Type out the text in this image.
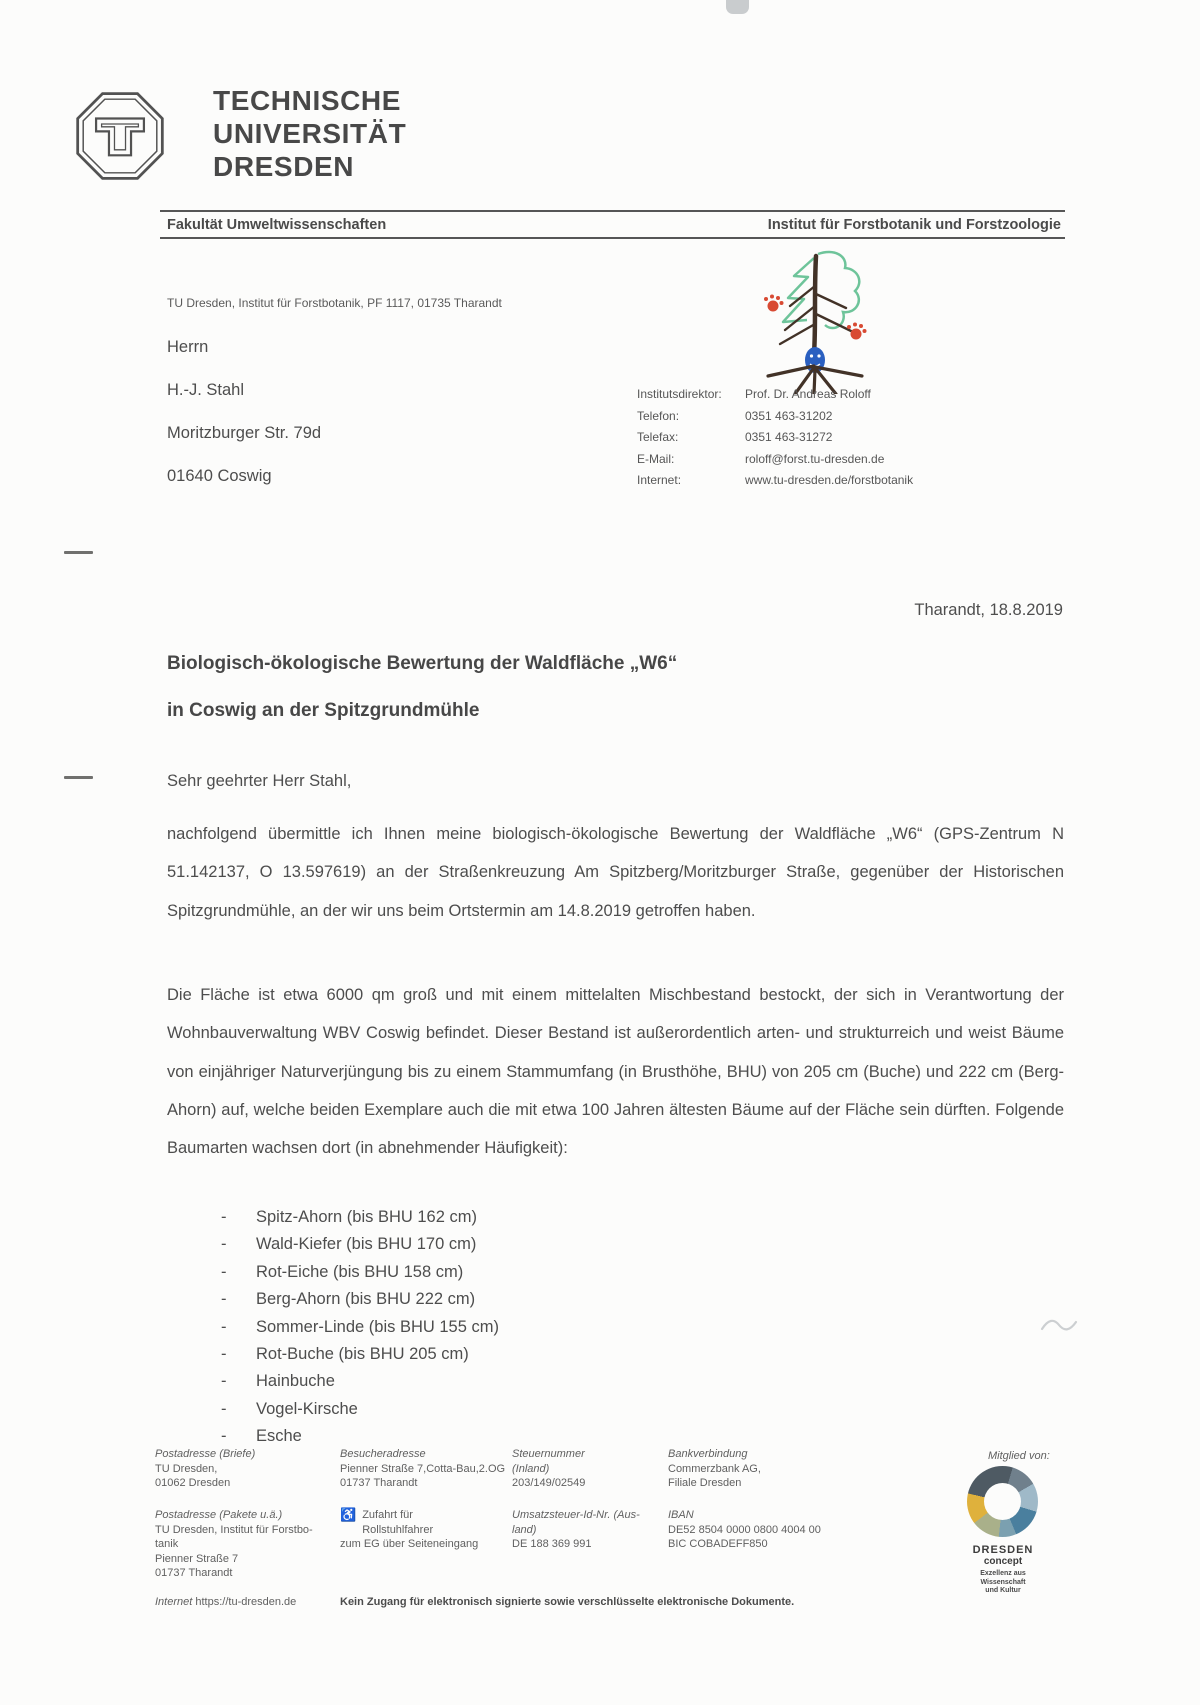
TECHNISCHE
UNIVERSITÄT
DRESDEN
Fakultät Umweltwissenschaften	Institut für Forstbotanik und Forstzoologie
TU Dresden, Institut für Forstbotanik, PF 1117, 01735 Tharandt
Herrn
H.-J. Stahl
Moritzburger Str. 79d
01640 Coswig
Institutsdirektor:	Prof. Dr. Andreas Roloff
Telefon:	0351 463-31202
Telefax:	0351 463-31272
E-Mail:	roloff@forst.tu-dresden.de
Internet:	www.tu-dresden.de/forstbotanik
Tharandt, 18.8.2019
Biologisch-ökologische Bewertung der Waldfläche „W6“
in Coswig an der Spitzgrundmühle
Sehr geehrter Herr Stahl,
nachfolgend übermittle ich Ihnen meine biologisch-ökologische Bewertung der Waldfläche „W6“ (GPS-Zentrum N 51.142137, O 13.597619) an der Straßenkreuzung Am Spitzberg/Moritzburger Straße, gegenüber der Historischen Spitzgrundmühle, an der wir uns beim Ortstermin am 14.8.2019 getroffen haben.
Die Fläche ist etwa 6000 qm groß und mit einem mittelalten Mischbestand bestockt, der sich in Verantwortung der Wohnbauverwaltung WBV Coswig befindet. Dieser Bestand ist außerordentlich arten- und strukturreich und weist Bäume von einjähriger Naturverjüngung bis zu einem Stammumfang (in Brusthöhe, BHU) von 205 cm (Buche) und 222 cm (Berg-Ahorn) auf, welche beiden Exemplare auch die mit etwa 100 Jahren ältesten Bäume auf der Fläche sein dürften. Folgende Baumarten wachsen dort (in abnehmender Häufigkeit):
-	Spitz-Ahorn (bis BHU 162 cm)
-	Wald-Kiefer (bis BHU 170 cm)
-	Rot-Eiche (bis BHU 158 cm)
-	Berg-Ahorn (bis BHU 222 cm)
-	Sommer-Linde (bis BHU 155 cm)
-	Rot-Buche (bis BHU 205 cm)
-	Hainbuche
-	Vogel-Kirsche
-	Esche
Postadresse (Briefe)
TU Dresden,
01062 Dresden
Besucheradresse
Pienner Straße 7,Cotta-Bau,2.OG
01737 Tharandt
Steuernummer
(Inland)
203/149/02549
Bankverbindung
Commerzbank AG,
Filiale Dresden
Postadresse (Pakete u.ä.)
TU Dresden, Institut für Forstbo-
tanik
Pienner Straße 7
01737 Tharandt
♿ Zufahrt für
Rollstuhlfahrer
zum EG über Seiteneingang
Umsatzsteuer-Id-Nr. (Aus-
land)
DE 188 369 991
IBAN
DE52 8504 0000 0800 4004 00
BIC COBADEFF850
Mitglied von:
DRESDEN
concept
Exzellenz aus
Wissenschaft
und Kultur
Internet https://tu-dresden.de	Kein Zugang für elektronisch signierte sowie verschlüsselte elektronische Dokumente.
